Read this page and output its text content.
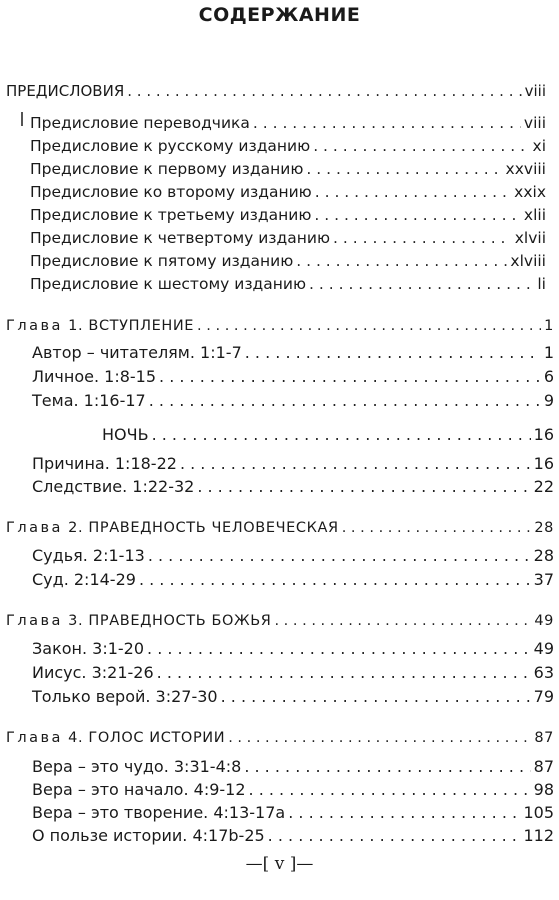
СОДЕРЖАНИЕ
ПРЕДИСЛОВИЯ . . .	viii
Предисловие переводчика . . .	viii
Предисловие к русскому изданию . . .	xi
Предисловие к первому изданию . . .	xxviii
Предисловие ко второму изданию . . .	xxix
Предисловие к третьему изданию . . .	xlii
Предисловие к четвертому изданию . . .	xlvii
Предисловие к пятому изданию . . .	xlviii
Предисловие к шестому изданию . . .	li
Глава 1. ВСТУПЛЕНИЕ . . .	1
Автор – читателям. 1:1-7 . . .	1
Личное. 1:8-15 . . .	6
Тема. 1:16-17 . . .	9
НОЧЬ . . .	16
Причина. 1:18-22 . . .	16
Следствие. 1:22-32 . . .	22
Глава 2. ПРАВЕДНОСТЬ ЧЕЛОВЕЧЕСКАЯ . . .	28
Судья. 2:1-13 . . .	28
Суд. 2:14-29 . . .	37
Глава 3. ПРАВЕДНОСТЬ БОЖЬЯ . . .	49
Закон. 3:1-20 . . .	49
Иисус. 3:21-26 . . .	63
Только верой. 3:27-30 . . .	79
Глава 4. ГОЛОС ИСТОРИИ . . .	87
Вера – это чудо. 3:31-4:8 . . .	87
Вера – это начало. 4:9-12 . . .	98
Вера – это творение. 4:13-17a . . .	105
О пользе истории. 4:17b-25 . . .	112
—[ v ]—
